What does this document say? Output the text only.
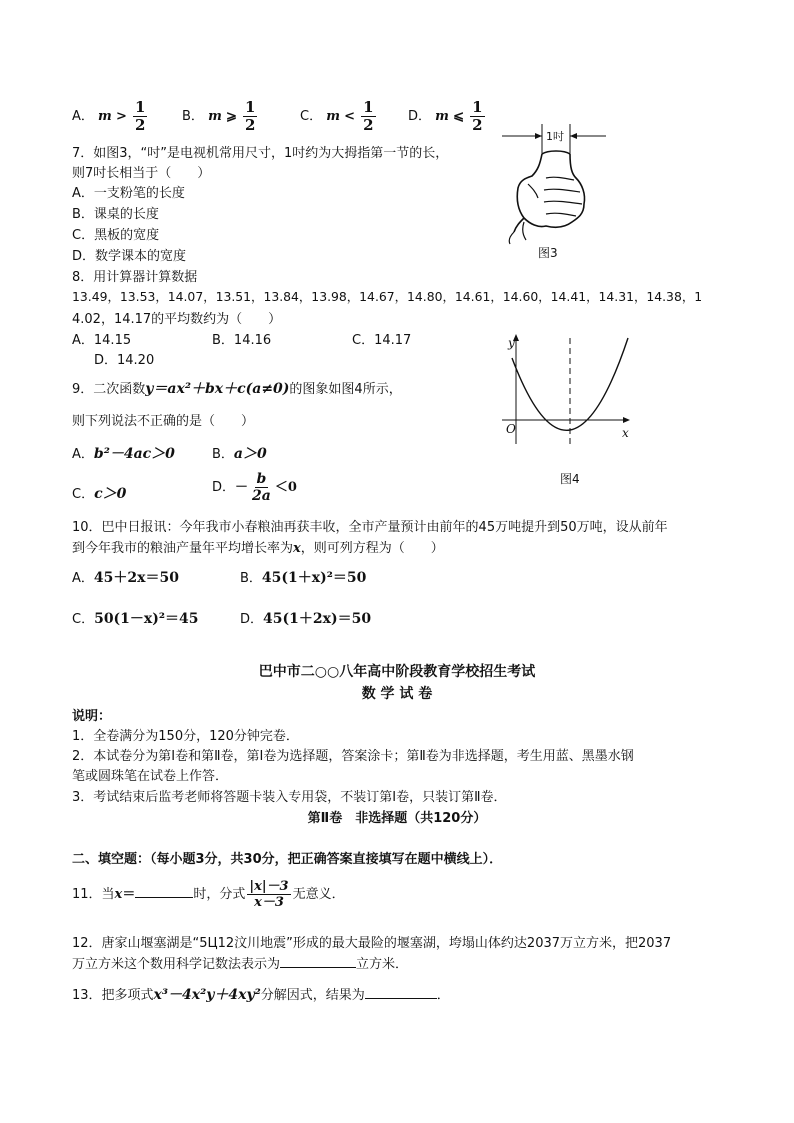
A． $m > \frac{1}{2}$	B． m ⩾ $\frac{1}{2}$	C． $m < \frac{1}{2}$ D． m ⩽ $\frac{1}{2}$
7．如图3，“吋”是电视机常用尺寸，1吋约为大拇指第一节的长，
则7吋长相当于（　　）
A．一支粉笔的长度
B．课桌的长度
C．黑板的宽度
D．数学课本的宽度
1吋
图3
8．用计算器计算数据
13.49，13.53，14.07，13.51，13.84，13.98，14.67，14.80，14.61，14.60，14.41，14.31，14.38，1
4.02，14.17的平均数约为（　　）
A．14.15	B．14.16	C．14.17
D．14.20
9．二次函数y＝ax²＋bx＋c(a≠0)的图象如图4所示，
则下列说法不正确的是（　　）
A．b²－4ac＞0	B．a＞0
C．c＞0	D．－ $\frac{b}{2a} <0$
y
x
O
图4
10．巴中日报讯：今年我市小春粮油再获丰收，全市产量预计由前年的45万吨提升到50万吨，设从前年
到今年我市的粮油产量年平均增长率为x，则可列方程为（　　）
A．45＋2x＝50	B．45(1＋x)²＝50
C．50(1－x)²＝45	D．45(1＋2x)＝50
巴中市二○○八年高中阶段教育学校招生考试
数 学 试 卷
说明：
1．全卷满分为150分，120分钟完卷．
2．本试卷分为第Ⅰ卷和第Ⅱ卷，第Ⅰ卷为选择题，答案涂卡；第Ⅱ卷为非选择题，考生用蓝、黑墨水钢
笔或圆珠笔在试卷上作答．
3．考试结束后监考老师将答题卡装入专用袋，不装订第Ⅰ卷，只装订第Ⅱ卷．
第Ⅱ卷　非选择题（共120分）
二、填空题：（每小题3分，共30分，把正确答案直接填写在题中横线上）．
11．当x＝	时，分式 $\frac{|x|-3}{x-3}$ 无意义．
12．唐家山堰塞湖是“5Ц12汶川地震”形成的最大最险的堰塞湖，垮塌山体约达2037万立方米，把2037
万立方米这个数用科学记数法表示为	立方米．
13．把多项式x³－4x²y＋4xy²分解因式，结果为	．
